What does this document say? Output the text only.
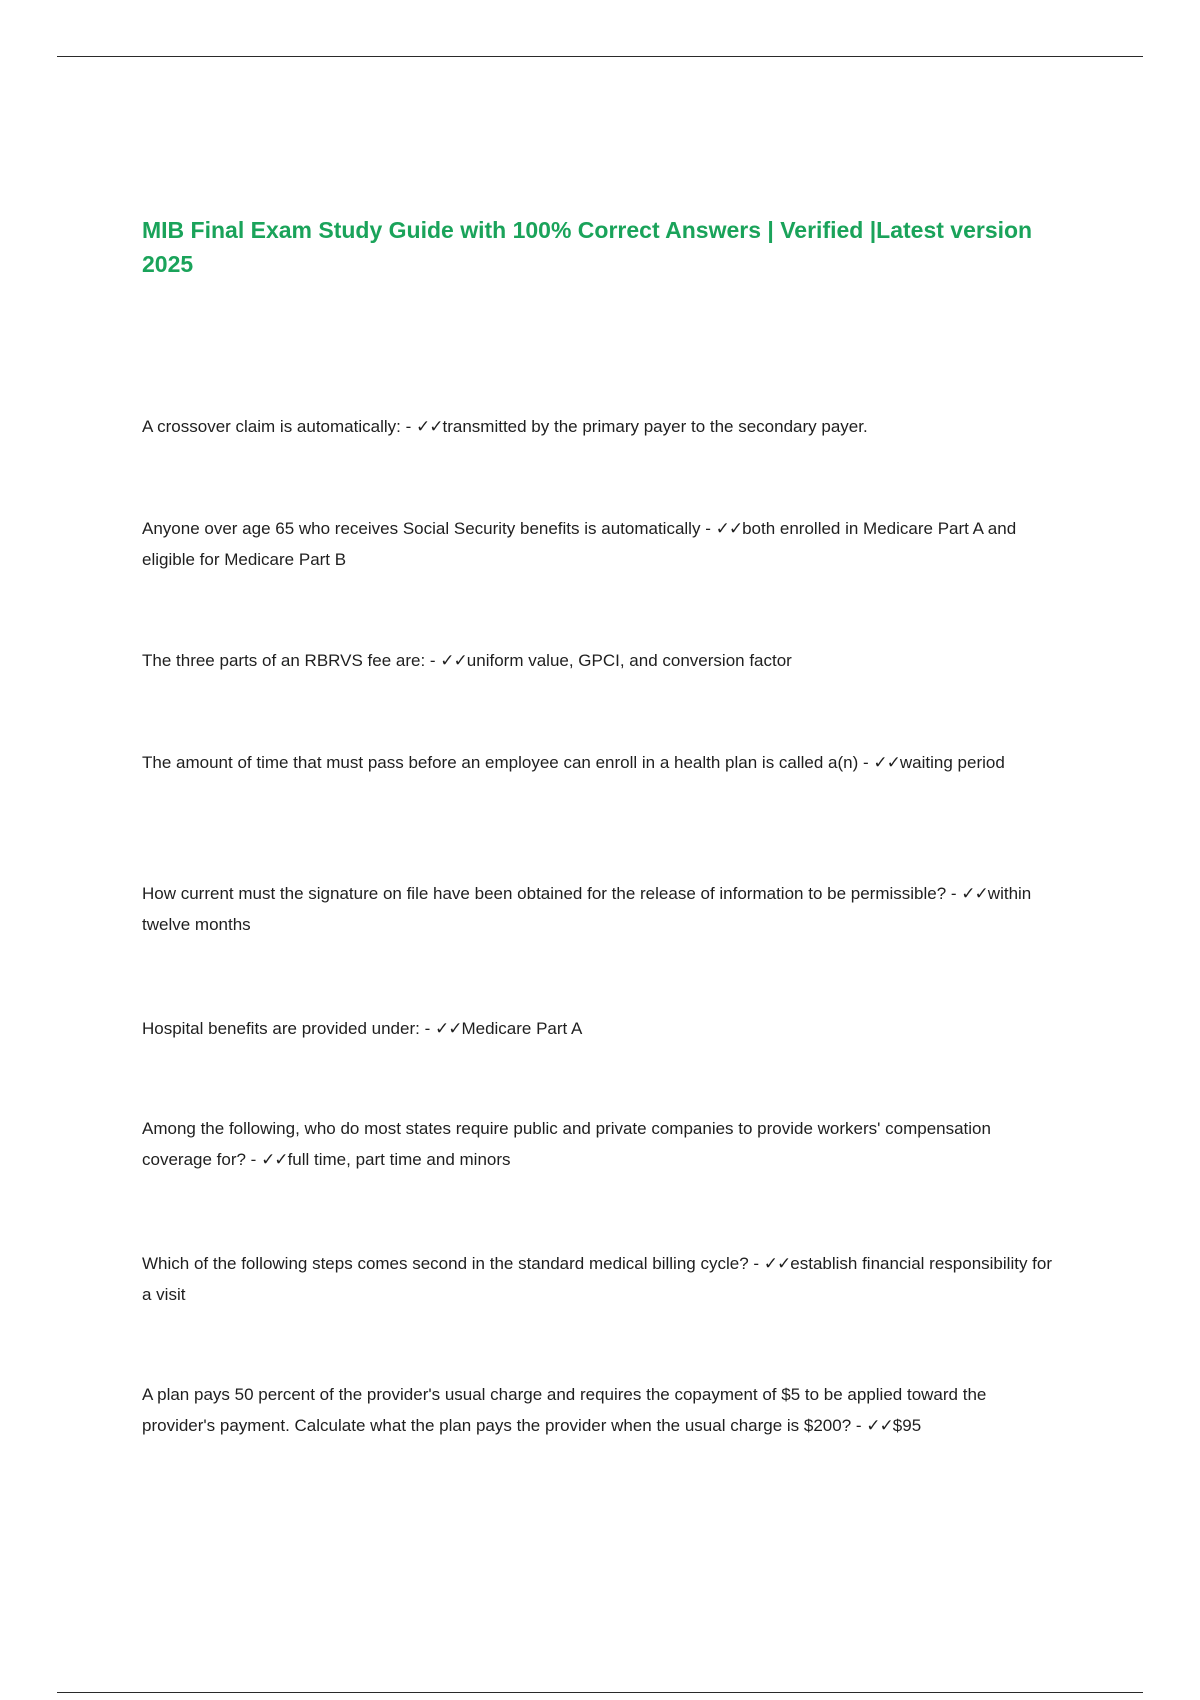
MIB Final Exam Study Guide with 100% Correct Answers | Verified |Latest version 2025

A crossover claim is automatically: - ✓✓transmitted by the primary payer to the secondary payer.

Anyone over age 65 who receives Social Security benefits is automatically - ✓✓both enrolled in Medicare Part A and eligible for Medicare Part B

The three parts of an RBRVS fee are: - ✓✓uniform value, GPCI, and conversion factor

The amount of time that must pass before an employee can enroll in a health plan is called a(n) - ✓✓waiting period

How current must the signature on file have been obtained for the release of information to be permissible? - ✓✓within twelve months

Hospital benefits are provided under: - ✓✓Medicare Part A

Among the following, who do most states require public and private companies to provide workers' compensation coverage for? - ✓✓full time, part time and minors

Which of the following steps comes second in the standard medical billing cycle? - ✓✓establish financial responsibility for a visit

A plan pays 50 percent of the provider's usual charge and requires the copayment of $5 to be applied toward the provider's payment. Calculate what the plan pays the provider when the usual charge is $200? - ✓✓$95
